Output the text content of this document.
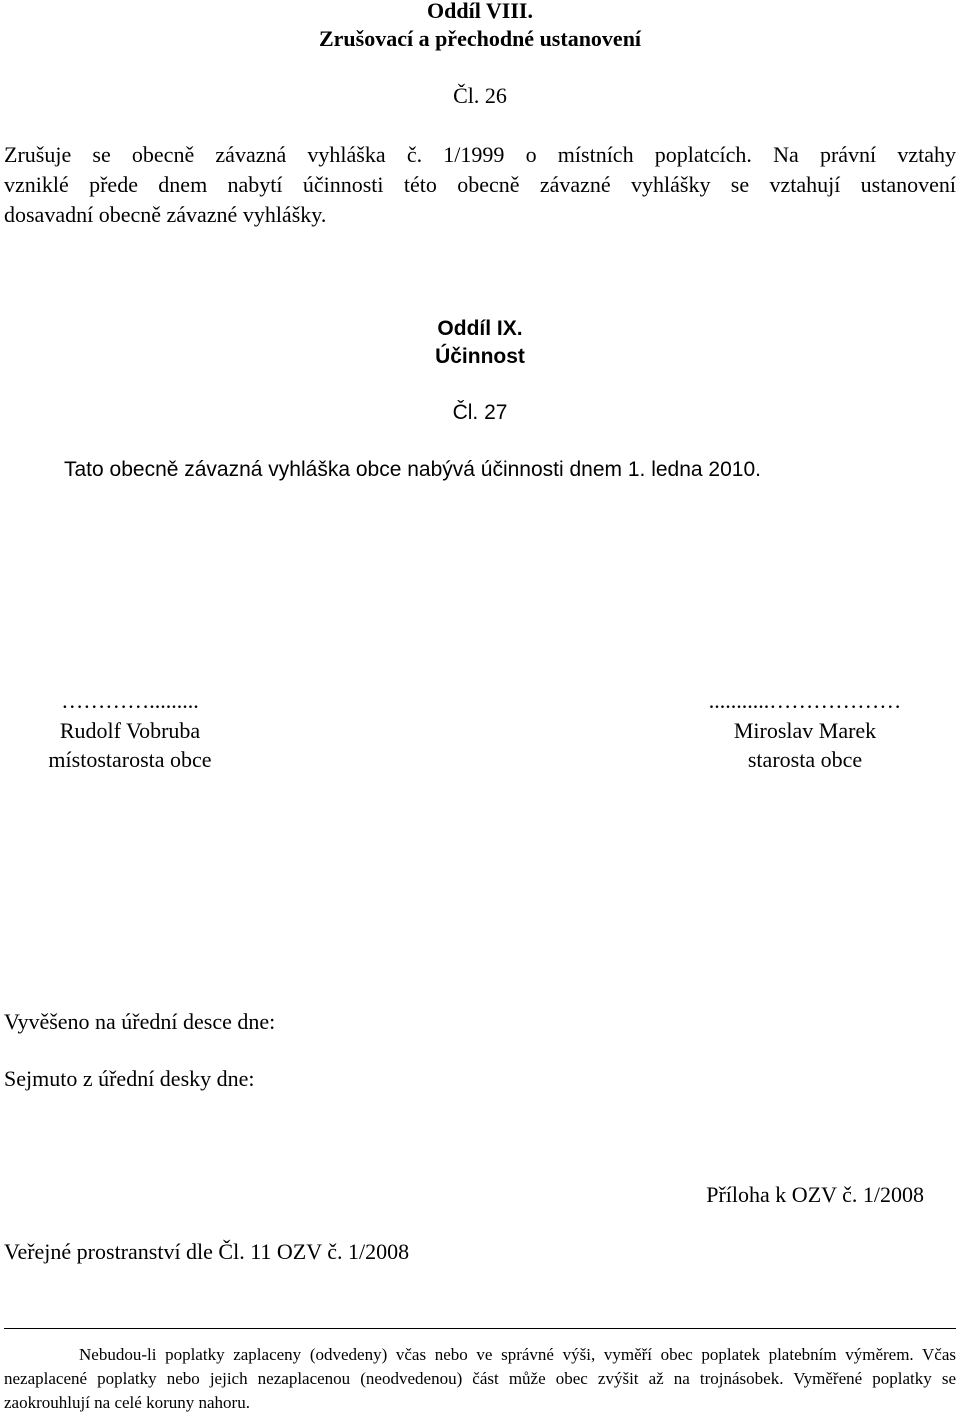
Oddíl VIII.
Zrušovací a přechodné ustanovení
Čl. 26
Zrušuje se obecně závazná vyhláška č. 1/1999 o místních poplatcích. Na právní vztahy
vzniklé přede dnem nabytí účinnosti této obecně závazné vyhlášky se vztahují ustanovení
dosavadní obecně závazné vyhlášky.
Oddíl IX.
Účinnost
Čl. 27
Tato obecně závazná vyhláška obce nabývá účinnosti dnem 1. ledna 2010.
………….........
Rudolf Vobruba
místostarosta obce
...........………………
Miroslav Marek
starosta obce
Vyvěšeno na úřední desce dne:
Sejmuto z úřední desky dne:
Příloha k OZV č. 1/2008
Veřejné prostranství dle Čl. 11 OZV č. 1/2008
Nebudou-li poplatky zaplaceny (odvedeny) včas nebo ve správné výši, vyměří obec poplatek platebním výměrem. Včas nezaplacené poplatky nebo jejich nezaplacenou (neodvedenou) část může obec zvýšit až na trojnásobek. Vyměřené poplatky se zaokrouhlují na celé koruny nahoru.
